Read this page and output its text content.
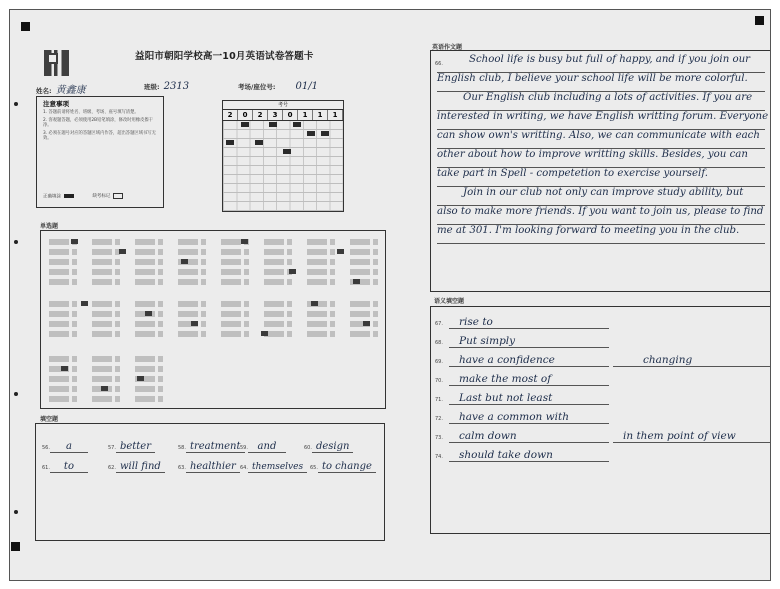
益阳市朝阳学校高一10月英语试卷答题卡
姓名: 黄鑫康	班级: 2313	考场/座位号: 01/1
注意事项

1. 答题前请将姓名、班级、考场、座号填写清楚。

2. 客观题答题，必须使用2B铅笔填涂，修改时用橡皮擦干净。

3. 必须在题号对应的答题区域内作答，超出答题区域书写无效。

正确填涂	缺考标记
考号
2	0	2	3	0	1	1	1
单选题
填空题
56. a	57. better	58. treatment 59. and	60. design
61. to	62. will find	63. healthier 64. themselves	65. to change
英语作文题
66.	School life is busy but full of happy, and if you join our
English club, I believe your school life will be more colorful.
Our English club including a lots of activities. If you are
interested in writing, we have English writting forum. Everyone
can show own's writting. Also, we can communicate with each
other about how to improve writting skills. Besides, you can
take part in Spell - competetion to exercise yourself.
Join in our club not only can improve study ability, but
also to make more friends. If you want to join us, please to find
me at 301. I'm looking forward to meeting you in the club.
语义填空题
67.	rise to
68.	Put simply
69.	have a confidence	changing
70.	make the most of
71.	Last but not least
72.	have a common with
73.	calm down	in them point of view
74.	should take down
